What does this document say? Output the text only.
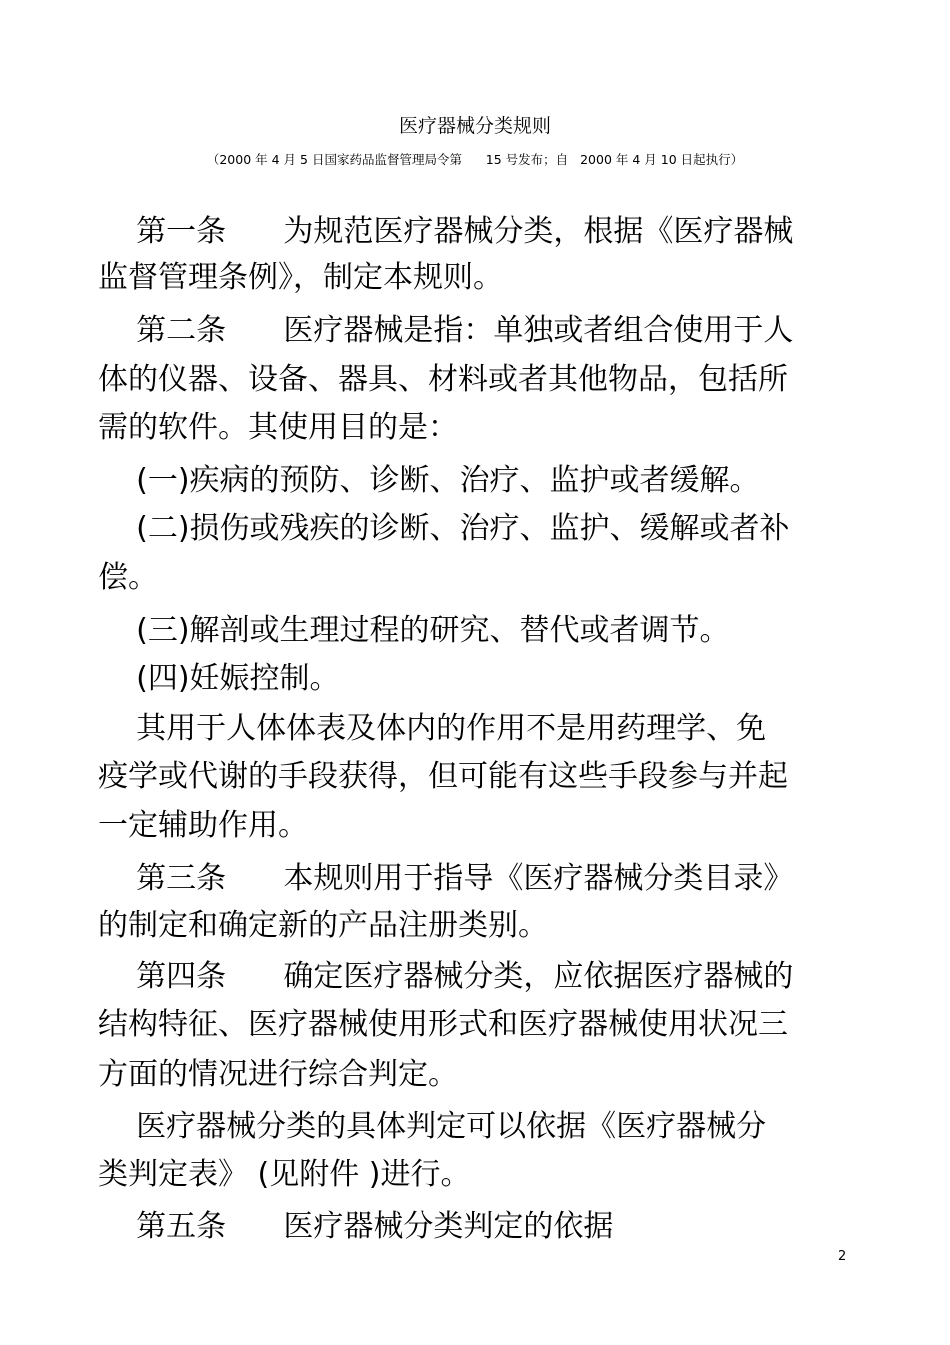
医疗器械分类规则
（2000 年 4 月 5 日国家药品监督管理局令第      15 号发布；自   2000 年 4 月 10 日起执行）
第一条      为规范医疗器械分类，根据《医疗器械
监督管理条例》，制定本规则。
第二条      医疗器械是指：单独或者组合使用于人
体的仪器、设备、器具、材料或者其他物品，包括所
需的软件。其使用目的是：
(一)疾病的预防、诊断、治疗、监护或者缓解。
(二)损伤或残疾的诊断、治疗、监护、缓解或者补
偿。
(三)解剖或生理过程的研究、替代或者调节。
(四)妊娠控制。
其用于人体体表及体内的作用不是用药理学、免
疫学或代谢的手段获得，但可能有这些手段参与并起
一定辅助作用。
第三条      本规则用于指导《医疗器械分类目录》
的制定和确定新的产品注册类别。
第四条      确定医疗器械分类，应依据医疗器械的
结构特征、医疗器械使用形式和医疗器械使用状况三
方面的情况进行综合判定。
医疗器械分类的具体判定可以依据《医疗器械分
类判定表》 (见附件 )进行。
第五条      医疗器械分类判定的依据
2
